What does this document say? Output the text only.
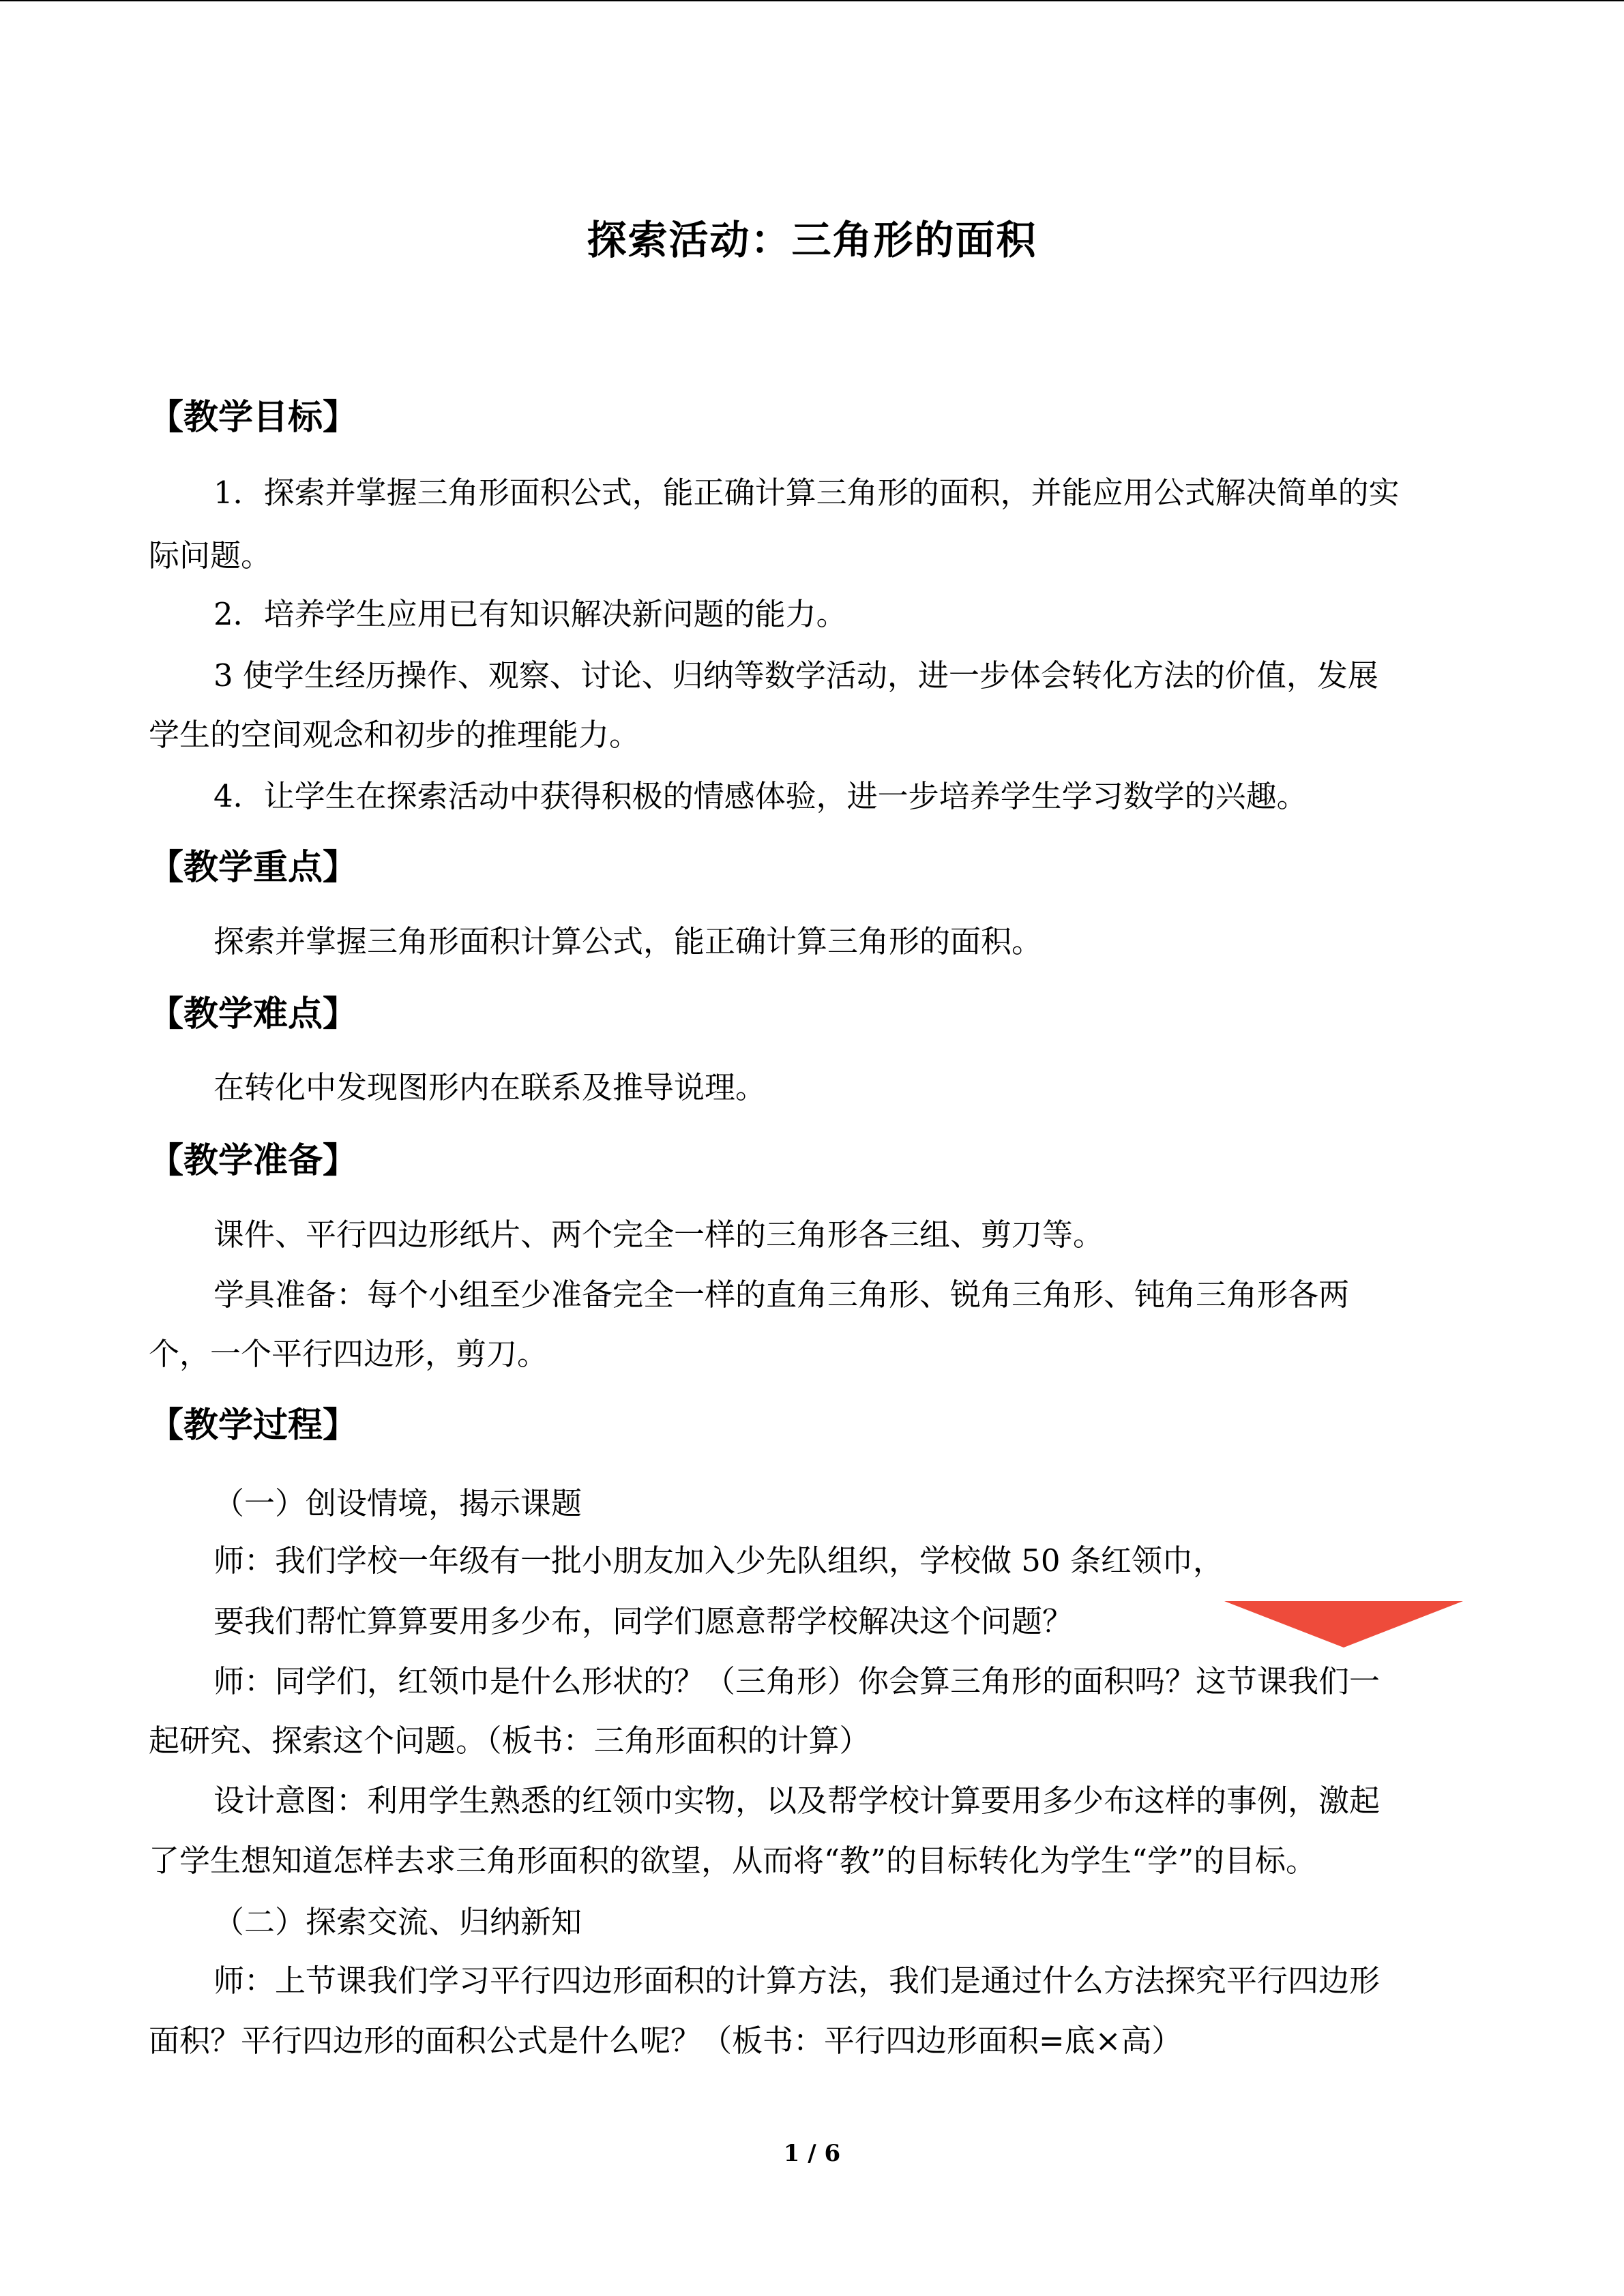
探索活动：三角形的面积
【教学目标】
1．探索并掌握三角形面积公式，能正确计算三角形的面积，并能应用公式解决简单的实
际问题。
2．培养学生应用已有知识解决新问题的能力。
3 使学生经历操作、观察、讨论、归纳等数学活动，进一步体会转化方法的价值，发展
学生的空间观念和初步的推理能力。
4．让学生在探索活动中获得积极的情感体验，进一步培养学生学习数学的兴趣。
【教学重点】
探索并掌握三角形面积计算公式，能正确计算三角形的面积。
【教学难点】
在转化中发现图形内在联系及推导说理。
【教学准备】
课件、平行四边形纸片、两个完全一样的三角形各三组、剪刀等。
学具准备：每个小组至少准备完全一样的直角三角形、锐角三角形、钝角三角形各两
个，一个平行四边形，剪刀。
【教学过程】
（一）创设情境，揭示课题
师：我们学校一年级有一批小朋友加入少先队组织，学校做 50 条红领巾，
要我们帮忙算算要用多少布，同学们愿意帮学校解决这个问题？
师：同学们，红领巾是什么形状的？（三角形）你会算三角形的面积吗？这节课我们一
起研究、探索这个问题。（板书：三角形面积的计算）
设计意图：利用学生熟悉的红领巾实物，以及帮学校计算要用多少布这样的事例，激起
了学生想知道怎样去求三角形面积的欲望，从而将“教”的目标转化为学生“学”的目标。
（二）探索交流、归纳新知
师：上节课我们学习平行四边形面积的计算方法，我们是通过什么方法探究平行四边形
面积？平行四边形的面积公式是什么呢？（板书：平行四边形面积=底×高）
1 / 6
